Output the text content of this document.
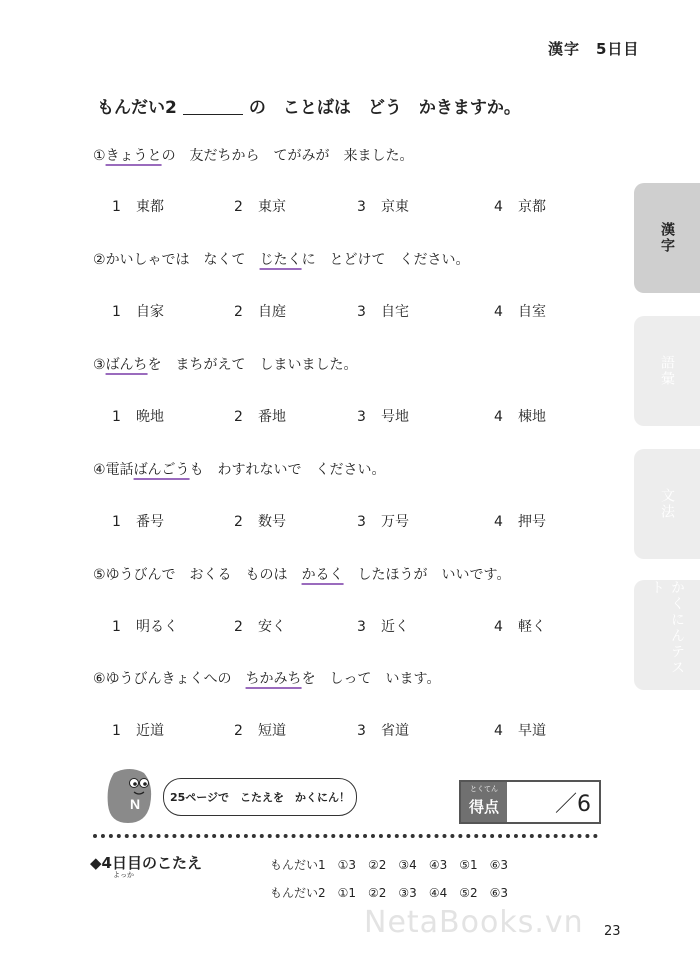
漢字　5日目
もんだい2	の　ことばは　どう　かきますか。
①きょうとの　友だちから　てがみが　来ました。
1 東都	2 東京	3 京東	4 京都
②かいしゃでは　なくて　じたくに　とどけて　ください。
1 自家	2 自庭	3 自宅	4 自室
③ばんちを　まちがえて　しまいました。
1 晩地	2 番地	3 号地	4 棟地
④電話ばんごうも　わすれないで　ください。
1 番号	2 数号	3 万号	4 押号
⑤ゆうびんで　おくる　ものは　かるく　したほうが　いいです。
1 明るく	2 安く	3 近く	4 軽く
⑥ゆうびんきょくへの　ちかみちを　しって　います。
1 近道	2 短道	3 省道	4 早道
漢字
語彙
文法
かくにんテスト
N	25ページで　こたえを　かくにん！
とくてん
得点	／6
◆4日目のこたえ
よっか
もんだい1　①3　②2　③4　④3　⑤1　⑥3
もんだい2　①1　②2　③3　④4　⑤2　⑥3
NetaBooks.vn 23
